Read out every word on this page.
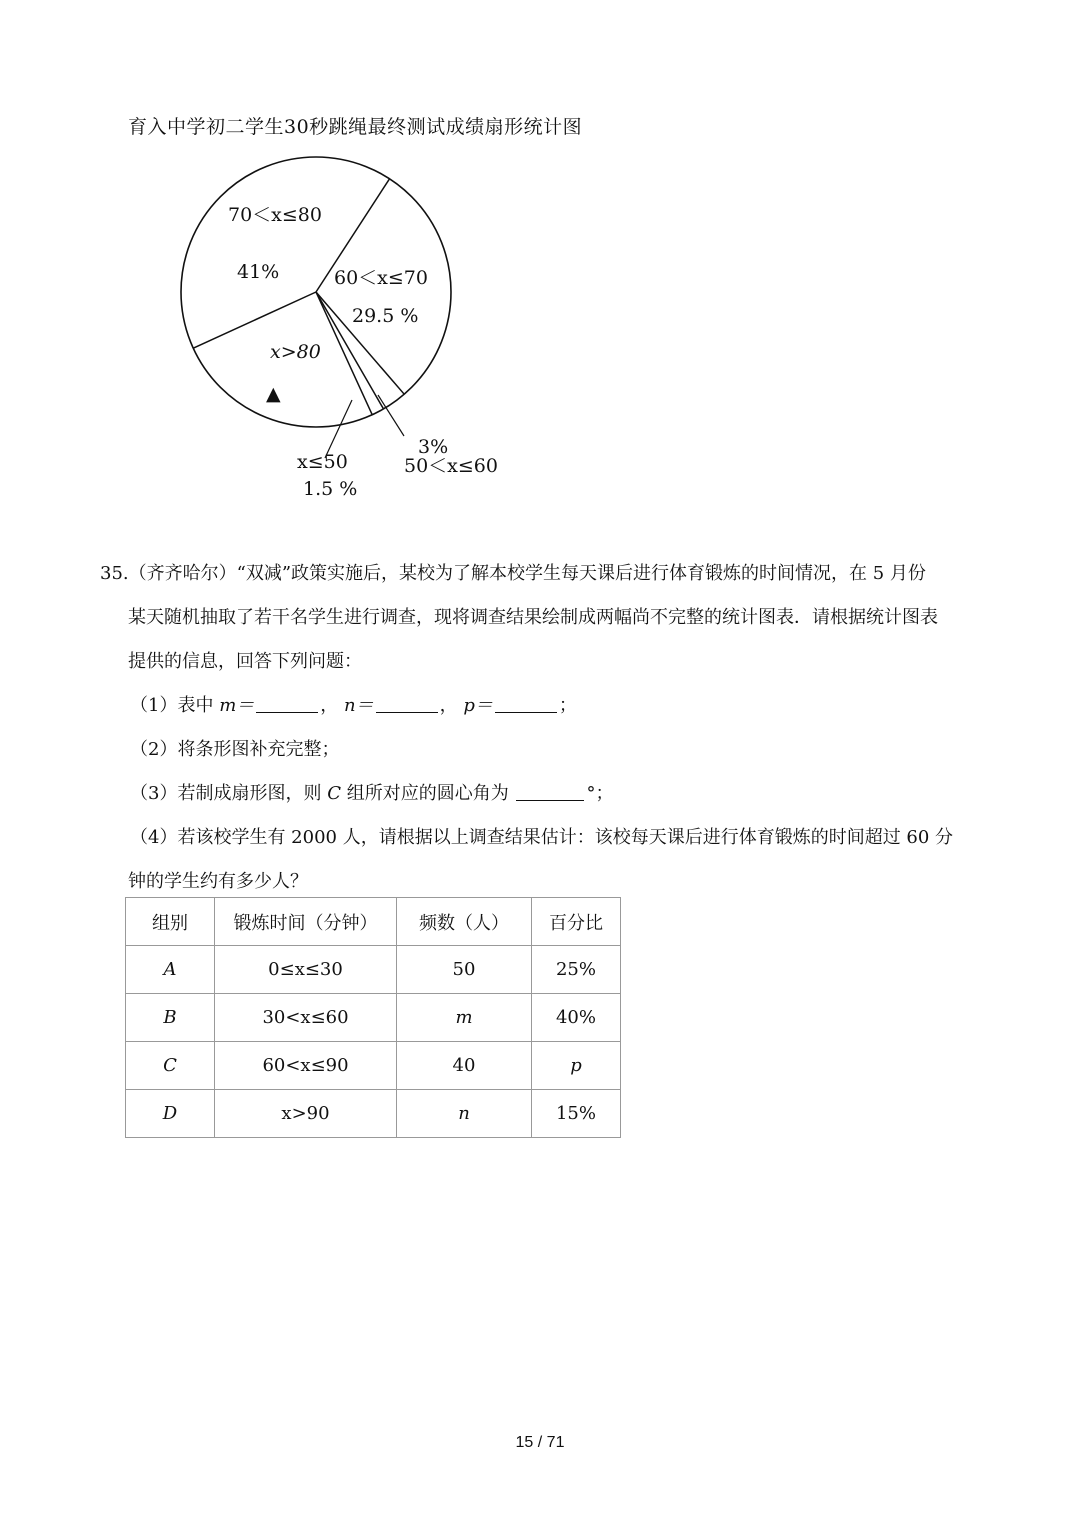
育入中学初二学生30秒跳绳最终测试成绩扇形统计图
70＜x≤80
41%	60＜x≤70
29.5 %
x>80
▲
3%
50＜x≤60
x≤50
1.5 %
35.（齐齐哈尔）“双减”政策实施后，某校为了解本校学生每天课后进行体育锻炼的时间情况，在 5 月份
某天随机抽取了若干名学生进行调查，现将调查结果绘制成两幅尚不完整的统计图表．请根据统计图表
提供的信息，回答下列问题：
（1）表中 m＝	， n＝	， p＝	；
（2）将条形图补充完整；
（3）若制成扇形图，则 C 组所对应的圆心角为	°；
（4）若该校学生有 2000 人，请根据以上调查结果估计：该校每天课后进行体育锻炼的时间超过 60 分
钟的学生约有多少人？
组别	锻炼时间（分钟）	频数（人）	百分比
A	0≤x≤30	50	25%
B	30<x≤60	m	40%
C	60<x≤90	40	p
D	x>90	n	15%
15 / 71
